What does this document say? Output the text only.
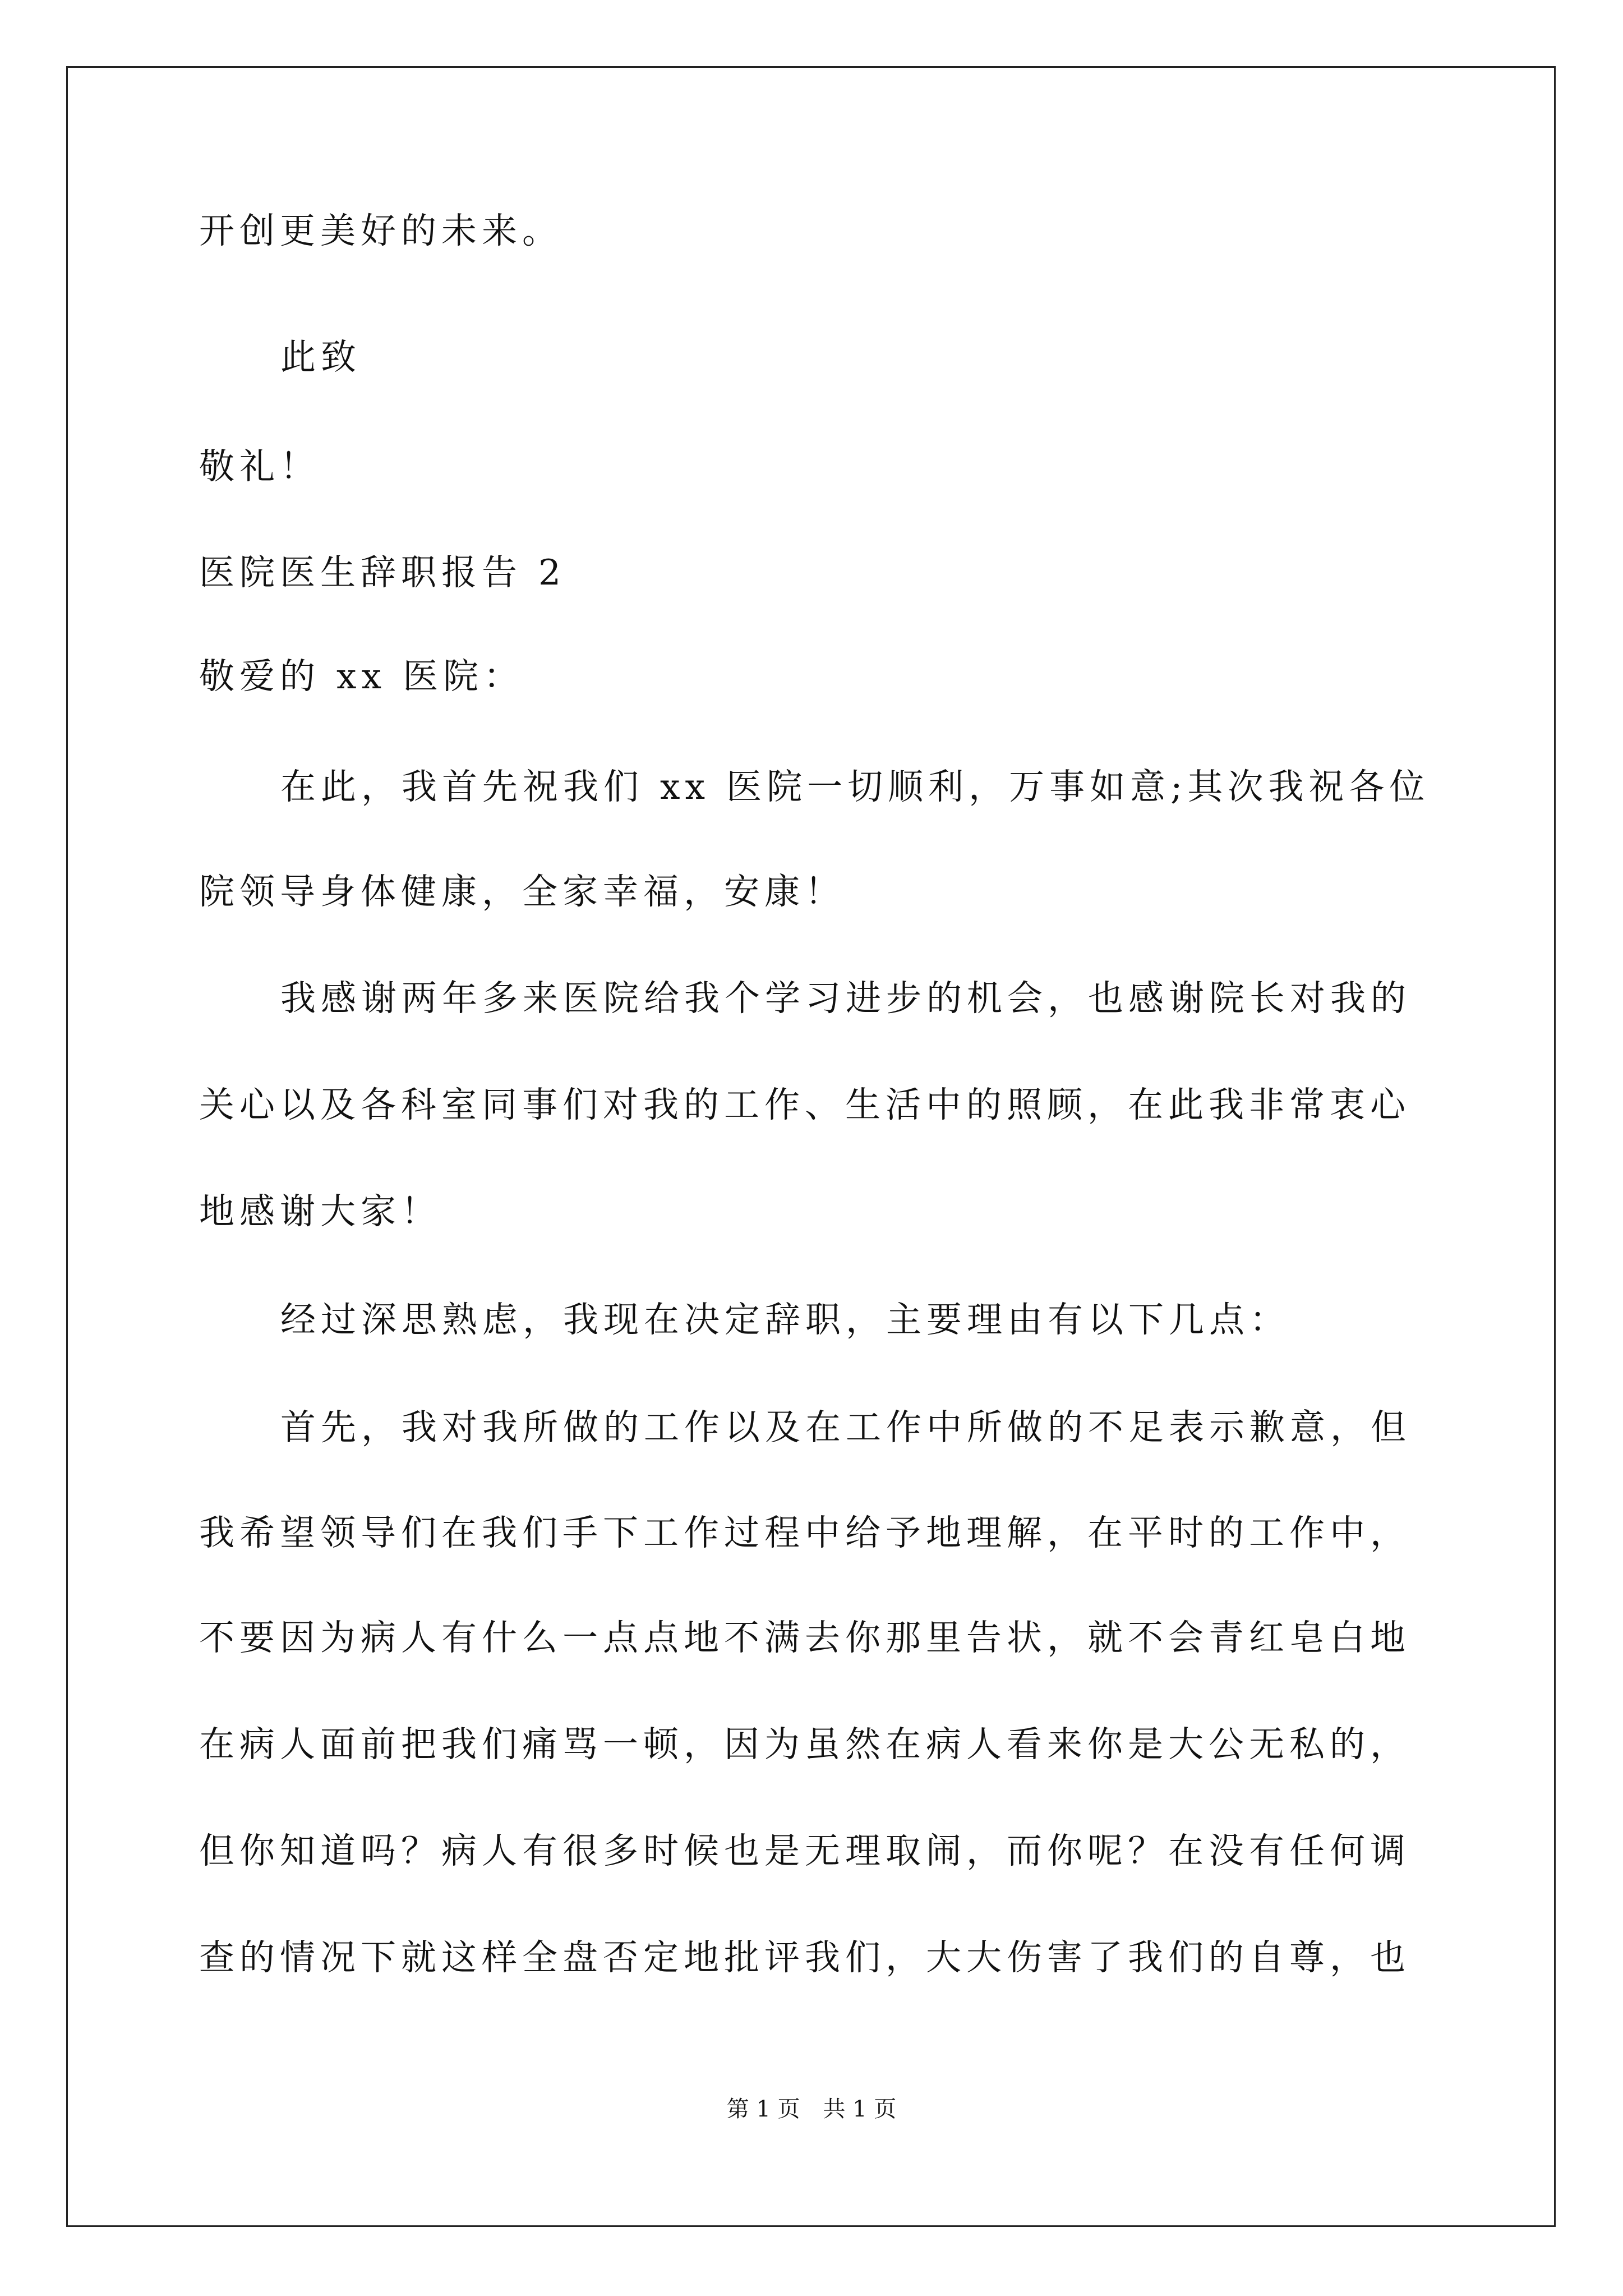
开创更美好的未来。
此致
敬礼！
医院医生辞职报告 2
敬爱的 xx 医院：
在此，我首先祝我们 xx 医院一切顺利，万事如意;其次我祝各位
院领导身体健康，全家幸福，安康！
我感谢两年多来医院给我个学习进步的机会，也感谢院长对我的
关心以及各科室同事们对我的工作、生活中的照顾，在此我非常衷心
地感谢大家！
经过深思熟虑，我现在决定辞职，主要理由有以下几点：
首先，我对我所做的工作以及在工作中所做的不足表示歉意，但
我希望领导们在我们手下工作过程中给予地理解，在平时的工作中，
不要因为病人有什么一点点地不满去你那里告状，就不会青红皂白地
在病人面前把我们痛骂一顿，因为虽然在病人看来你是大公无私的，
但你知道吗？病人有很多时候也是无理取闹，而你呢？在没有任何调
查的情况下就这样全盘否定地批评我们，大大伤害了我们的自尊，也
第 1 页 共 1 页
